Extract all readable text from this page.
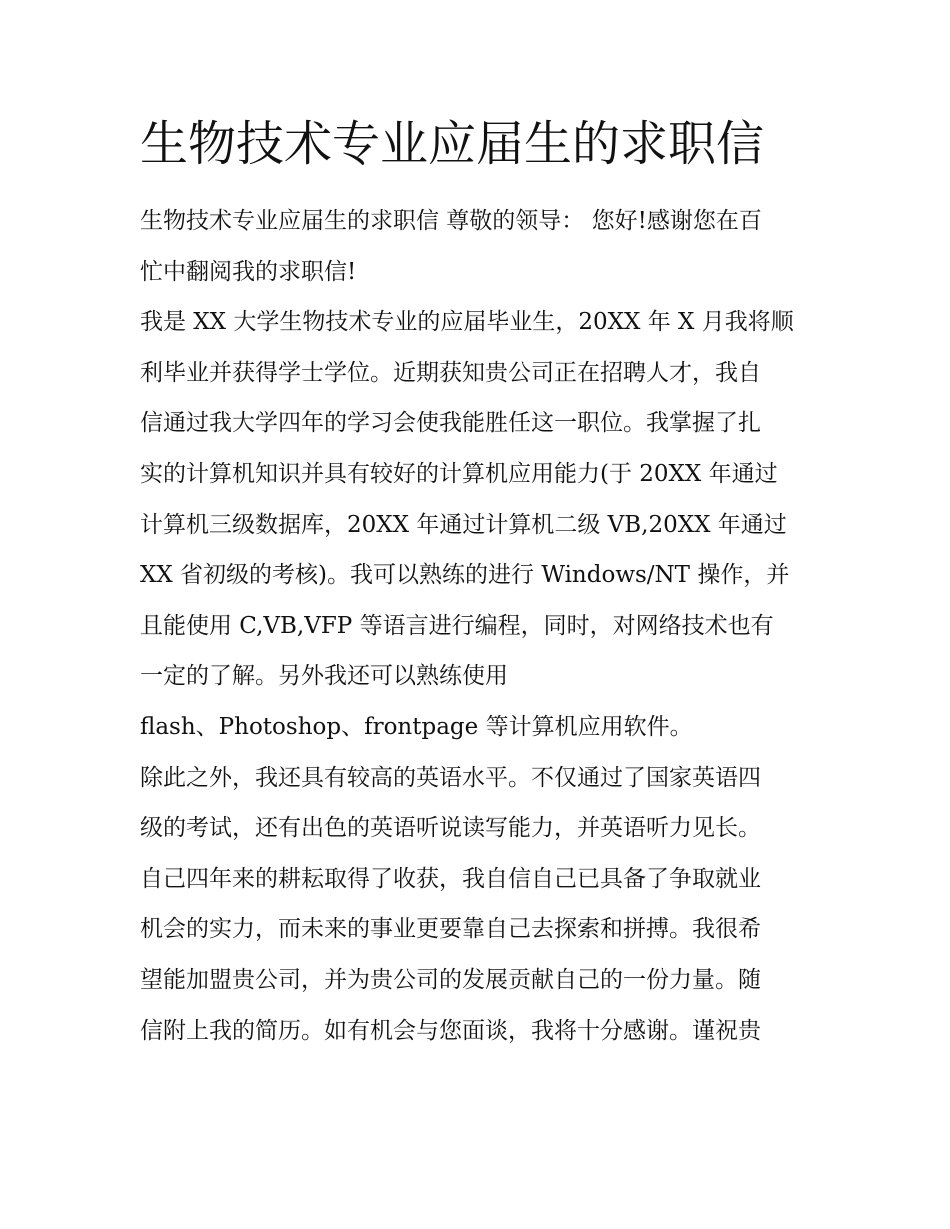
生物技术专业应届生的求职信
生物技术专业应届生的求职信 尊敬的领导： 您好!感谢您在百
忙中翻阅我的求职信!
我是 XX 大学生物技术专业的应届毕业生，20XX 年 X 月我将顺
利毕业并获得学士学位。近期获知贵公司正在招聘人才，我自
信通过我大学四年的学习会使我能胜任这一职位。我掌握了扎
实的计算机知识并具有较好的计算机应用能力(于 20XX 年通过
计算机三级数据库，20XX 年通过计算机二级 VB,20XX 年通过
XX 省初级的考核)。我可以熟练的进行 Windows/NT 操作，并
且能使用 C,VB,VFP 等语言进行编程，同时，对网络技术也有
一定的了解。另外我还可以熟练使用
flash、Photoshop、frontpage 等计算机应用软件。
除此之外，我还具有较高的英语水平。不仅通过了国家英语四
级的考试，还有出色的英语听说读写能力，并英语听力见长。
自己四年来的耕耘取得了收获，我自信自己已具备了争取就业
机会的实力，而未来的事业更要靠自己去探索和拼搏。我很希
望能加盟贵公司，并为贵公司的发展贡献自己的一份力量。随
信附上我的简历。如有机会与您面谈，我将十分感谢。谨祝贵
